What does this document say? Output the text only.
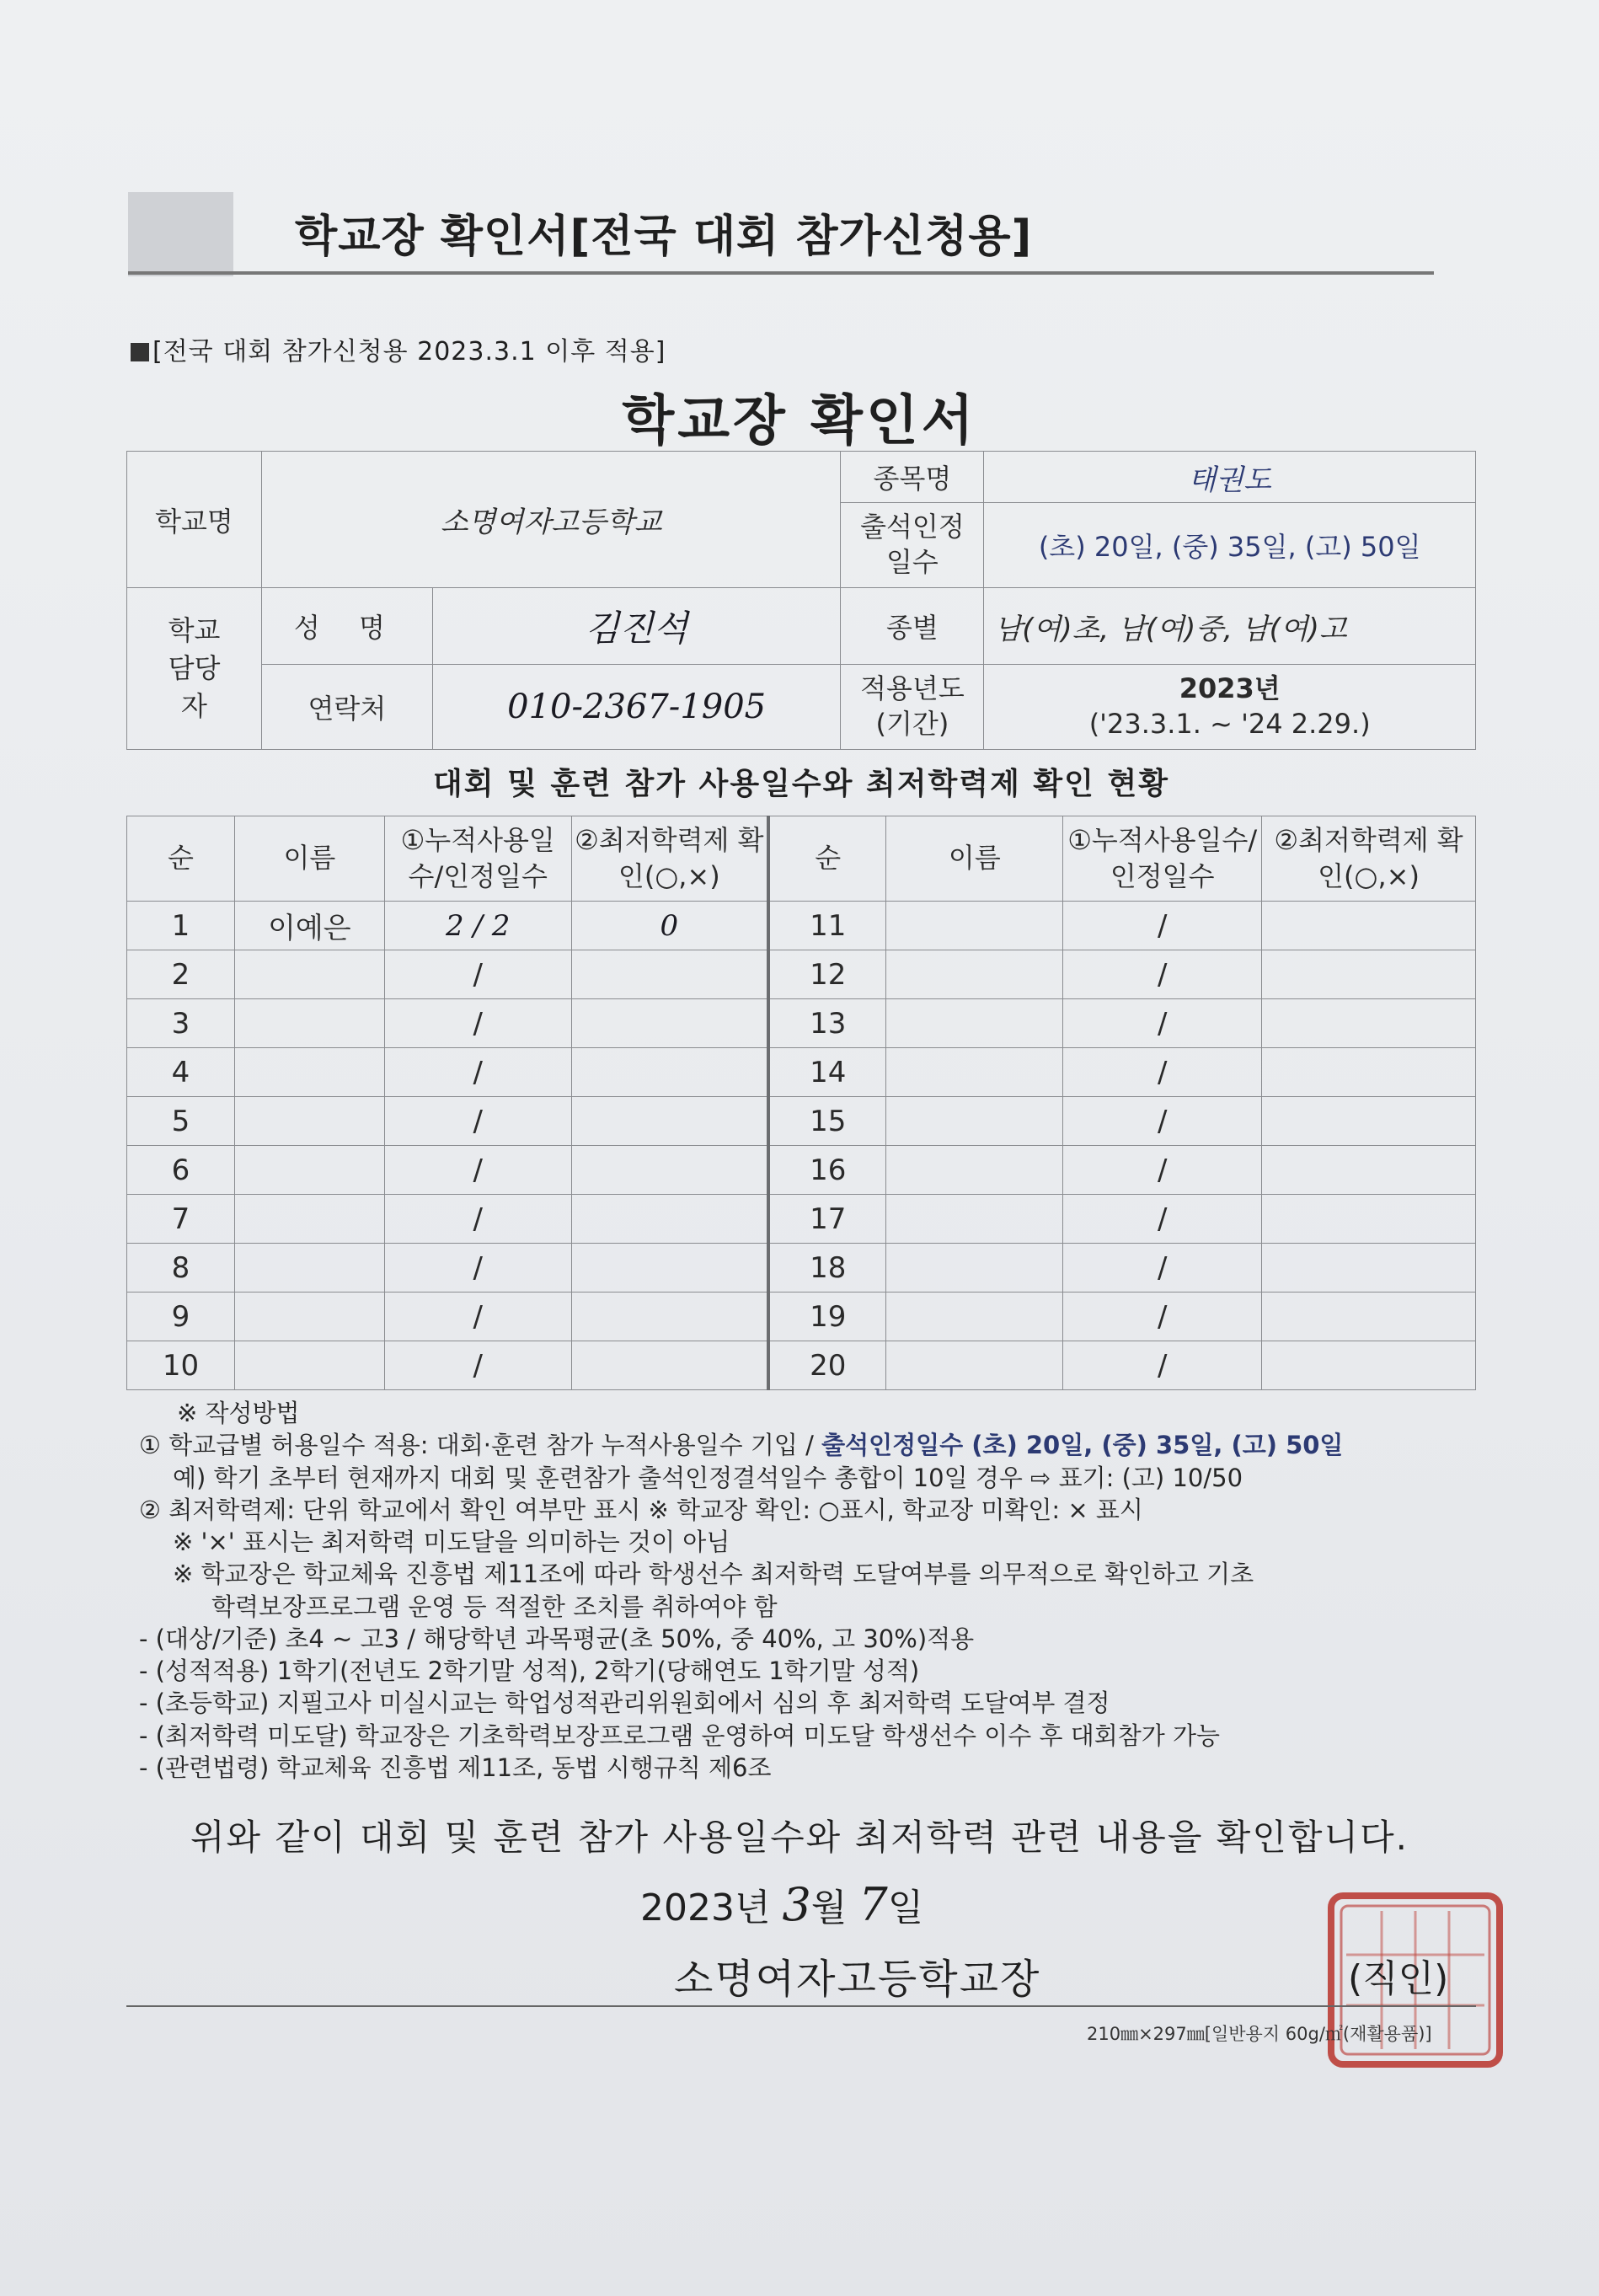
학교장 확인서[전국 대회 참가신청용]
[전국 대회 참가신청용 2023.3.1 이후 적용]
학교장 확인서
학교명	소명여자고등학교		종목명	태권도
			출석인정 일수	(초) 20일, (중) 35일, (고) 50일
학교 담당자	성 명	김진석	종별	남(여)초, 남(여)중, 남(여)고
	연락처	010-2367-1905	적용년도 (기간)	2023년
('23.3.1. ~ '24 2.29.)
대회 및 훈련 참가 사용일수와 최저학력제 확인 현황
순	이름	①누적사용일수/인정일수	②최저학력제 확인(○,×)	순	이름	①누적사용일수/인정일수	②최저학력제 확인(○,×)
1	이예은	2 / 2	0	11		/	
2		/		12		/	
3		/		13		/	
4		/		14		/	
5		/		15		/	
6		/		16		/	
7		/		17		/	
8		/		18		/	
9		/		19		/	
10		/		20		/	
※ 작성방법
① 학교급별 허용일수 적용: 대회·훈련 참가 누적사용일수 기입 / 출석인정일수 (초) 20일, (중) 35일, (고) 50일
예) 학기 초부터 현재까지 대회 및 훈련참가 출석인정결석일수 총합이 10일 경우 ⇨ 표기: (고) 10/50
② 최저학력제: 단위 학교에서 확인 여부만 표시 ※ 학교장 확인: ○표시, 학교장 미확인: × 표시
※ '×' 표시는 최저학력 미도달을 의미하는 것이 아님
※ 학교장은 학교체육 진흥법 제11조에 따라 학생선수 최저학력 도달여부를 의무적으로 확인하고 기초
학력보장프로그램 운영 등 적절한 조치를 취하여야 함
- (대상/기준) 초4 ~ 고3 / 해당학년 과목평균(초 50%, 중 40%, 고 30%)적용
- (성적적용) 1학기(전년도 2학기말 성적), 2학기(당해연도 1학기말 성적)
- (초등학교) 지필고사 미실시교는 학업성적관리위원회에서 심의 후 최저학력 도달여부 결정
- (최저학력 미도달) 학교장은 기초학력보장프로그램 운영하여 미도달 학생선수 이수 후 대회참가 가능
- (관련법령) 학교체육 진흥법 제11조, 동법 시행규칙 제6조
위와 같이 대회 및 훈련 참가 사용일수와 최저학력 관련 내용을 확인합니다.
2023년 3월 7일
소명여자고등학교장	(직인)
210㎜×297㎜[일반용지 60g/㎡(재활용품)]
